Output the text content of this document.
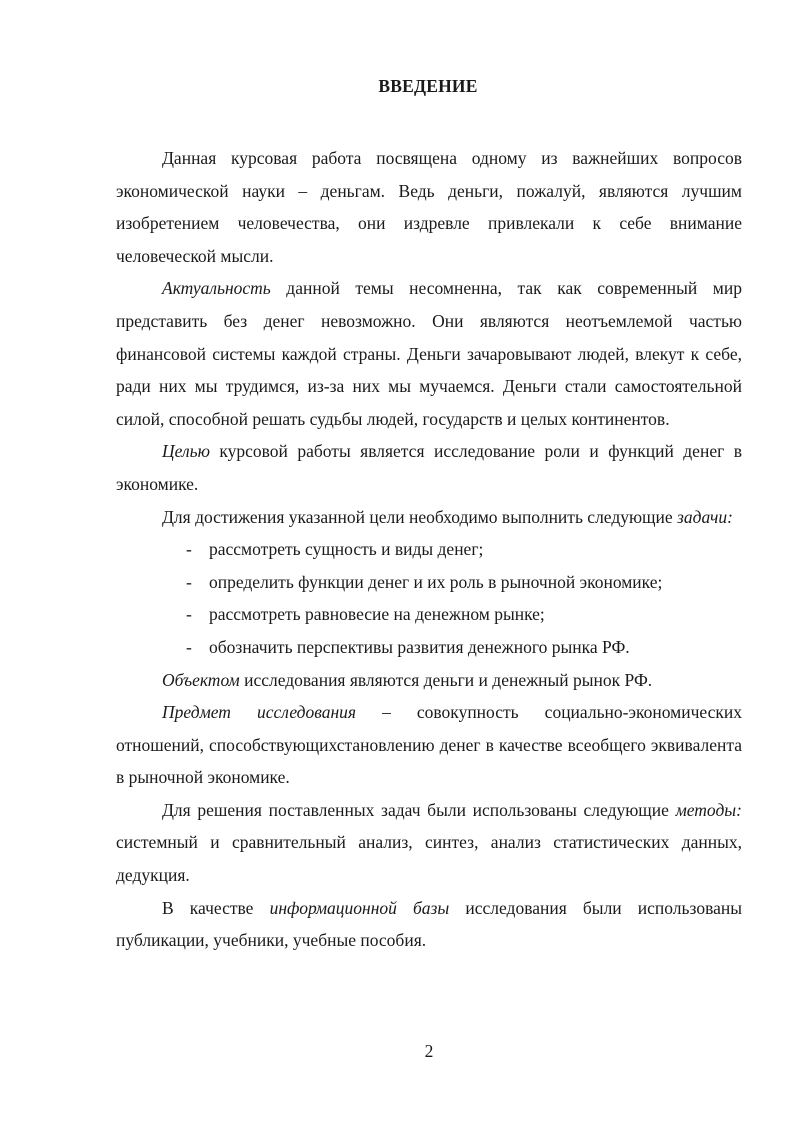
ВВЕДЕНИЕ

Данная курсовая работа посвящена одному из важнейших вопросов экономической науки – деньгам. Ведь деньги, пожалуй, являются лучшим изобретением человечества, они издревле привлекали к себе внимание человеческой мысли.

Актуальность данной темы несомненна, так как современный мир представить без денег невозможно. Они являются неотъемлемой частью финансовой системы каждой страны. Деньги зачаровывают людей, влекут к себе, ради них мы трудимся, из-за них мы мучаемся. Деньги стали самостоятельной силой, способной решать судьбы людей, государств и целых континентов.

Целью курсовой работы является исследование роли и функций денег в экономике.

Для достижения указанной цели необходимо выполнить следующие задачи:

- рассмотреть сущность и виды денег;
- определить функции денег и их роль в рыночной экономике;
- рассмотреть равновесие на денежном рынке;
- обозначить перспективы развития денежного рынка РФ.

Объектом исследования являются деньги и денежный рынок РФ.

Предмет исследования – совокупность социально-экономических отношений, способствующихстановлению денег в качестве всеобщего эквивалента в рыночной экономике.

Для решения поставленных задач были использованы следующие методы: системный и сравнительный анализ, синтез, анализ статистических данных, дедукция.

В качестве информационной базы исследования были использованы публикации, учебники, учебные пособия.

2
